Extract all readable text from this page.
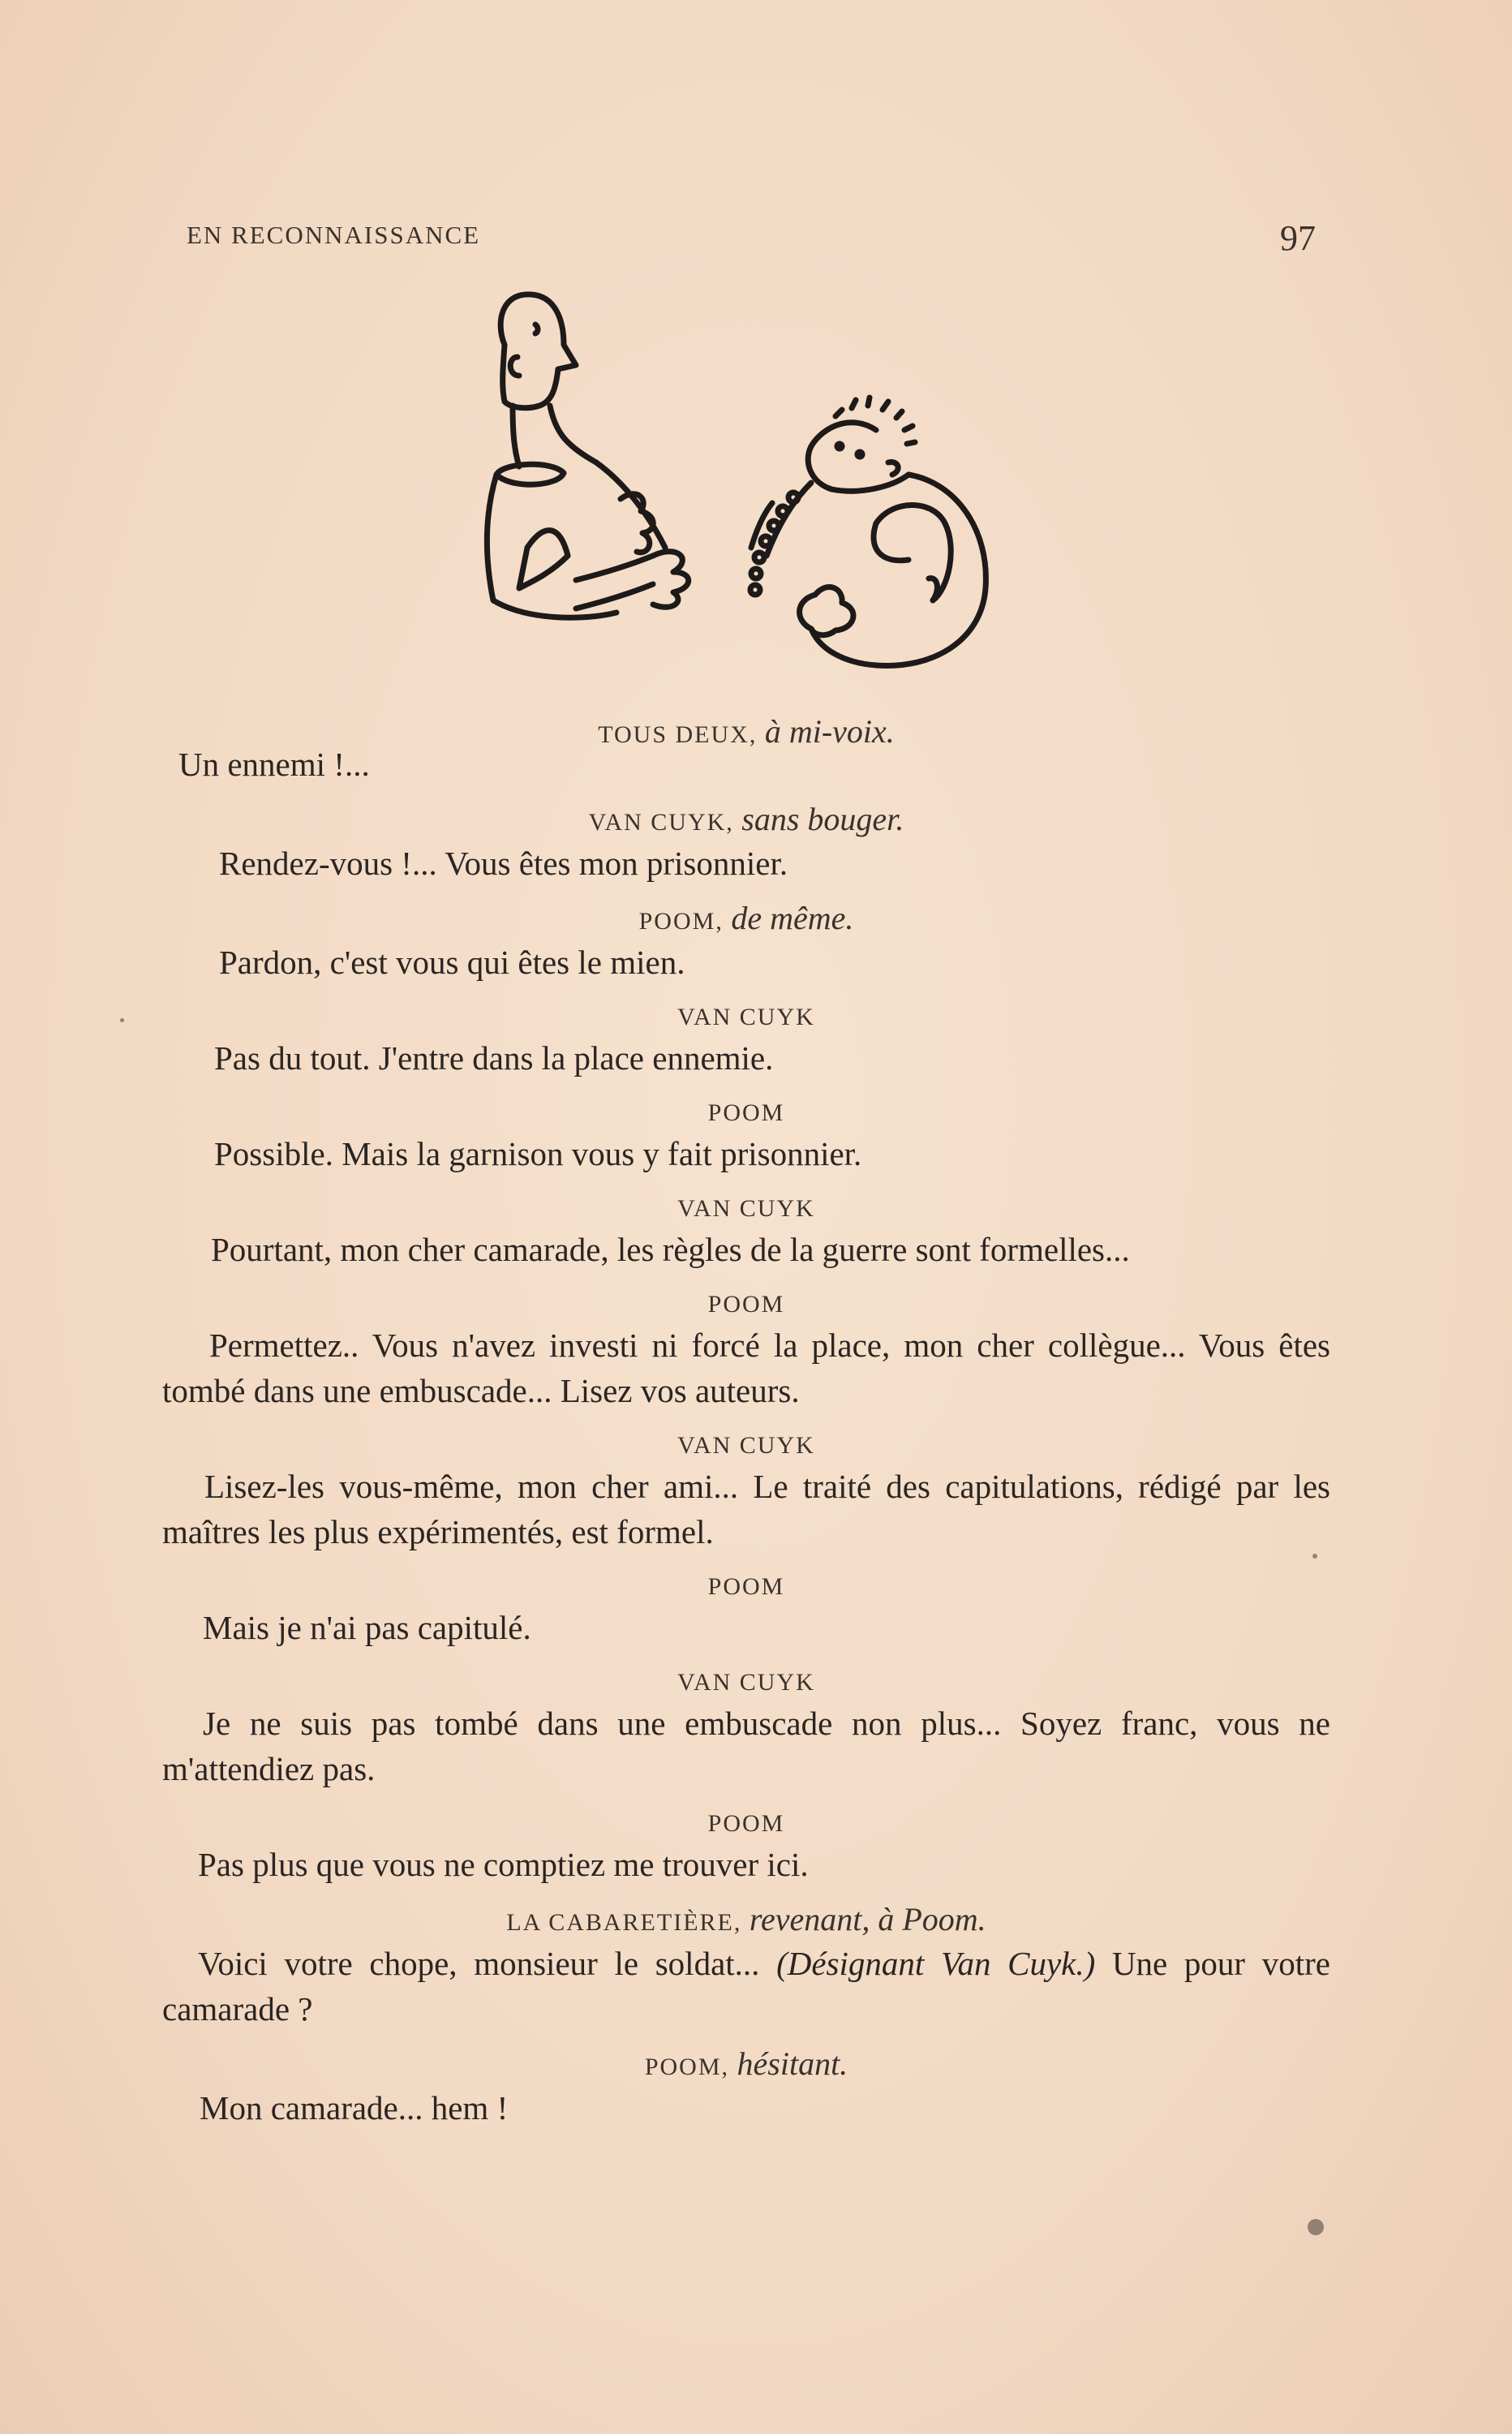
EN RECONNAISSANCE	97

TOUS DEUX, à mi-voix.

Un ennemi !...

VAN CUYK, sans bouger.

Rendez-vous !... Vous êtes mon prisonnier.

POOM, de même.

Pardon, c'est vous qui êtes le mien.

VAN CUYK

Pas du tout. J'entre dans la place ennemie.

POOM

Possible. Mais la garnison vous y fait prisonnier.

VAN CUYK

Pourtant, mon cher camarade, les règles de la guerre sont formelles...

POOM

Permettez.. Vous n'avez investi ni forcé la place, mon cher collègue... Vous êtes tombé dans une embuscade... Lisez vos auteurs.

VAN CUYK

Lisez-les vous-même, mon cher ami... Le traité des capitulations, rédigé par les maîtres les plus expérimentés, est formel.

POOM

Mais je n'ai pas capitulé.

VAN CUYK

Je ne suis pas tombé dans une embuscade non plus... Soyez franc, vous ne m'attendiez pas.

POOM

Pas plus que vous ne comptiez me trouver ici.

LA CABARETIÈRE, revenant, à Poom.

Voici votre chope, monsieur le soldat... (Désignant Van Cuyk.) Une pour votre camarade ?

POOM, hésitant.

Mon camarade... hem !
